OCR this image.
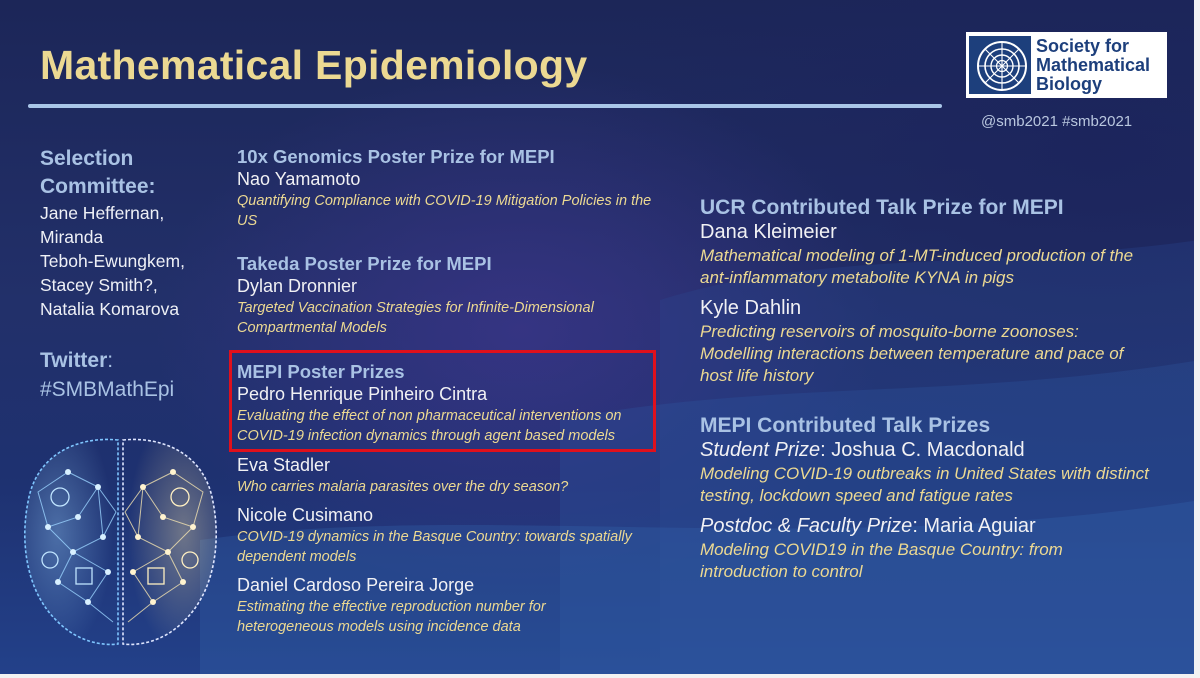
Mathematical Epidemiology	Society for
Mathematical
Biology
@smb2021 #smb2021
Selection
Committee:
Jane Heffernan,
Miranda
Teboh-Ewungkem,
Stacey Smith?,
Natalia Komarova
Twitter:
#SMBMathEpi
10x Genomics Poster Prize for MEPI
Nao Yamamoto
Quantifying Compliance with COVID-19 Mitigation Policies in the US
Takeda Poster Prize for MEPI
Dylan Dronnier
Targeted Vaccination Strategies for Infinite-Dimensional Compartmental Models
MEPI Poster Prizes
Pedro Henrique Pinheiro Cintra
Evaluating the effect of non pharmaceutical interventions on COVID-19 infection dynamics through agent based models
Eva Stadler
Who carries malaria parasites over the dry season?
Nicole Cusimano
COVID-19 dynamics in the Basque Country: towards spatially dependent models
Daniel Cardoso Pereira Jorge
Estimating the effective reproduction number for heterogeneous models using incidence data
UCR Contributed Talk Prize for MEPI
Dana Kleimeier
Mathematical modeling of 1-MT-induced production of the ant-inflammatory metabolite KYNA in pigs
Kyle Dahlin
Predicting reservoirs of mosquito-borne zoonoses: Modelling interactions between temperature and pace of host life history
MEPI Contributed Talk Prizes
Student Prize: Joshua C. Macdonald
Modeling COVID-19 outbreaks in United States with distinct testing, lockdown speed and fatigue rates
Postdoc & Faculty Prize: Maria Aguiar
Modeling COVID19 in the Basque Country: from introduction to control
